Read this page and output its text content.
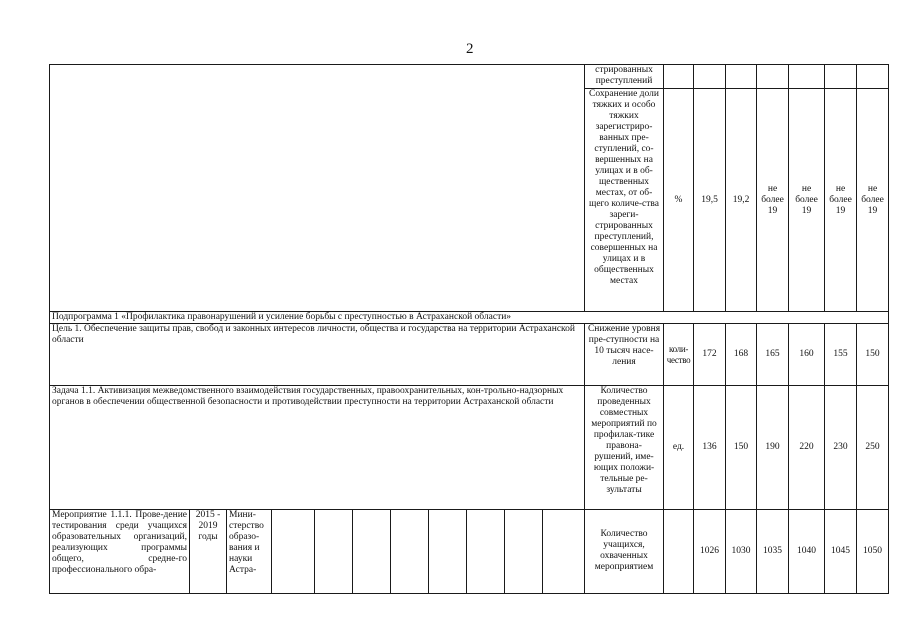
2
											стрированных преступлений							
											Сохранение доли тяжких и особо тяжких зарегистриро-ванных пре-ступлений, со-вершенных на улицах и в об-щественных местах, от об-щего количе-ства зареги-стрированных преступлений, совершенных на улицах и в общественных местах	%	19,5	19,2	не более 19	не более 19	не более 19	не более 19
Подпрограмма 1 «Профилактика правонарушений и усиление борьбы с преступностью в Астраханской области»																		
Цель 1. Обеспечение защиты прав, свобод и законных интересов личности, общества и государства на территории Астраханской области											Снижение уровня пре-ступности на 10 тысяч насе-ления	коли-чество	172	168	165	160	155	150
Задача 1.1. Активизация межведомственного взаимодействия государственных, правоохранительных, кон-трольно-надзорных органов в обеспечении общественной безопасности и противодействии преступности на территории Астраханской области											Количество проведенных совместных мероприятий по профилак-тике правона-рушений, име-ющих положи-тельные ре-зультаты	ед.	136	150	190	220	230	250
Мероприятие 1.1.1. Прове-дение тестирования среди учащихся образовательных организаций, реализующих программы общего, средне-го профессионального обра-	2015 - 2019 годы	Мини-стерство образо-вания и науки Астра-									Количество учащихся, охваченных мероприятием		1026	1030	1035	1040	1045	1050
